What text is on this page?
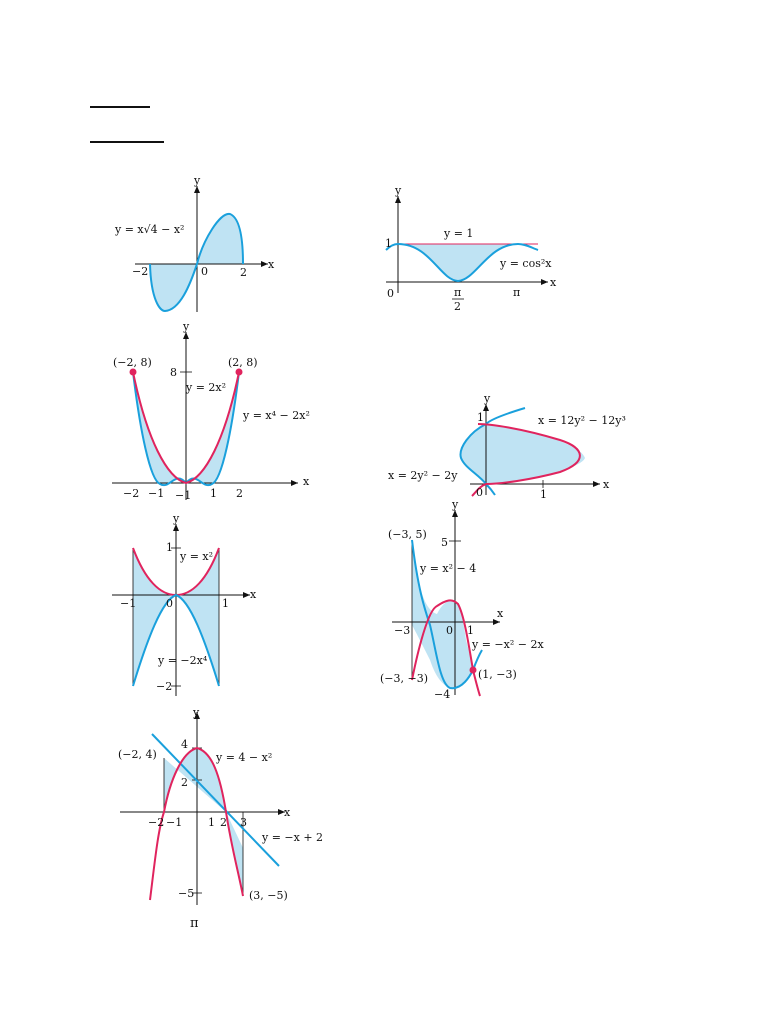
y
x
y = x√4 − x²
−2	0	2
y
x
y = 1
y = cos²x
1
0	π
2
π
y
x
(−2, 8)	(2, 8)
y = 2x²
y = x⁴ − 2x²
8
−2 −1	1 2
−1
y
x
x = 12y² − 12y³
x = 2y² − 2y
1
0	1
y
x
y = x²
y = −2x⁴
1
−1	0	1
−2
y
x
(−3, 5)
(−3, −3)	(1, −3)
y = x² − 4
y = −x² − 2x
5
−3	0 1
−4
y
x
(−2, 4)
(3, −5)
y = 4 − x²
y = −x + 2
4
2
−2 −1 1 2 3
−5
π
